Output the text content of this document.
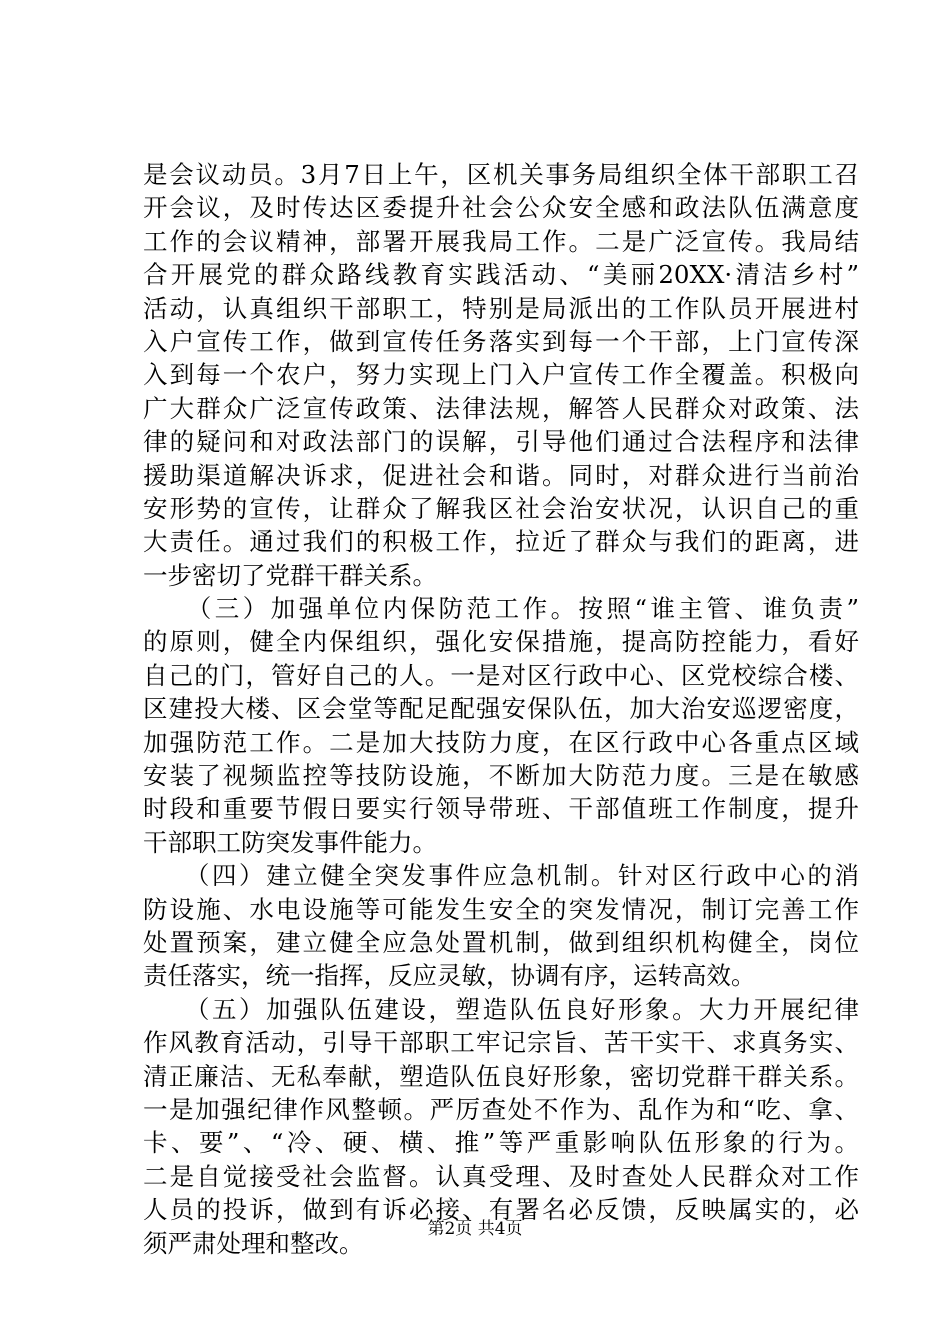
是会议动员。3月7日上午，区机关事务局组织全体干部职工召
开会议，及时传达区委提升社会公众安全感和政法队伍满意度
工作的会议精神，部署开展我局工作。二是广泛宣传。我局结
合开展党的群众路线教育实践活动、“美丽20XX·清洁乡村”
活动，认真组织干部职工，特别是局派出的工作队员开展进村
入户宣传工作，做到宣传任务落实到每一个干部，上门宣传深
入到每一个农户，努力实现上门入户宣传工作全覆盖。积极向
广大群众广泛宣传政策、法律法规，解答人民群众对政策、法
律的疑问和对政法部门的误解，引导他们通过合法程序和法律
援助渠道解决诉求，促进社会和谐。同时，对群众进行当前治
安形势的宣传，让群众了解我区社会治安状况，认识自己的重
大责任。通过我们的积极工作，拉近了群众与我们的距离，进
一步密切了党群干群关系。
　　（三）加强单位内保防范工作。按照“谁主管、谁负责”
的原则，健全内保组织，强化安保措施，提高防控能力，看好
自己的门，管好自己的人。一是对区行政中心、区党校综合楼、
区建投大楼、区会堂等配足配强安保队伍，加大治安巡逻密度，
加强防范工作。二是加大技防力度，在区行政中心各重点区域
安装了视频监控等技防设施，不断加大防范力度。三是在敏感
时段和重要节假日要实行领导带班、干部值班工作制度，提升
干部职工防突发事件能力。
　　（四）建立健全突发事件应急机制。针对区行政中心的消
防设施、水电设施等可能发生安全的突发情况，制订完善工作
处置预案，建立健全应急处置机制，做到组织机构健全，岗位
责任落实，统一指挥，反应灵敏，协调有序，运转高效。
　　（五）加强队伍建设，塑造队伍良好形象。大力开展纪律
作风教育活动，引导干部职工牢记宗旨、苦干实干、求真务实、
清正廉洁、无私奉献，塑造队伍良好形象，密切党群干群关系。
一是加强纪律作风整顿。严厉查处不作为、乱作为和“吃、拿、
卡、要”、“冷、硬、横、推”等严重影响队伍形象的行为。
二是自觉接受社会监督。认真受理、及时查处人民群众对工作
人员的投诉，做到有诉必接、有署名必反馈，反映属实的，必
须严肃处理和整改。	第2页 共4页
